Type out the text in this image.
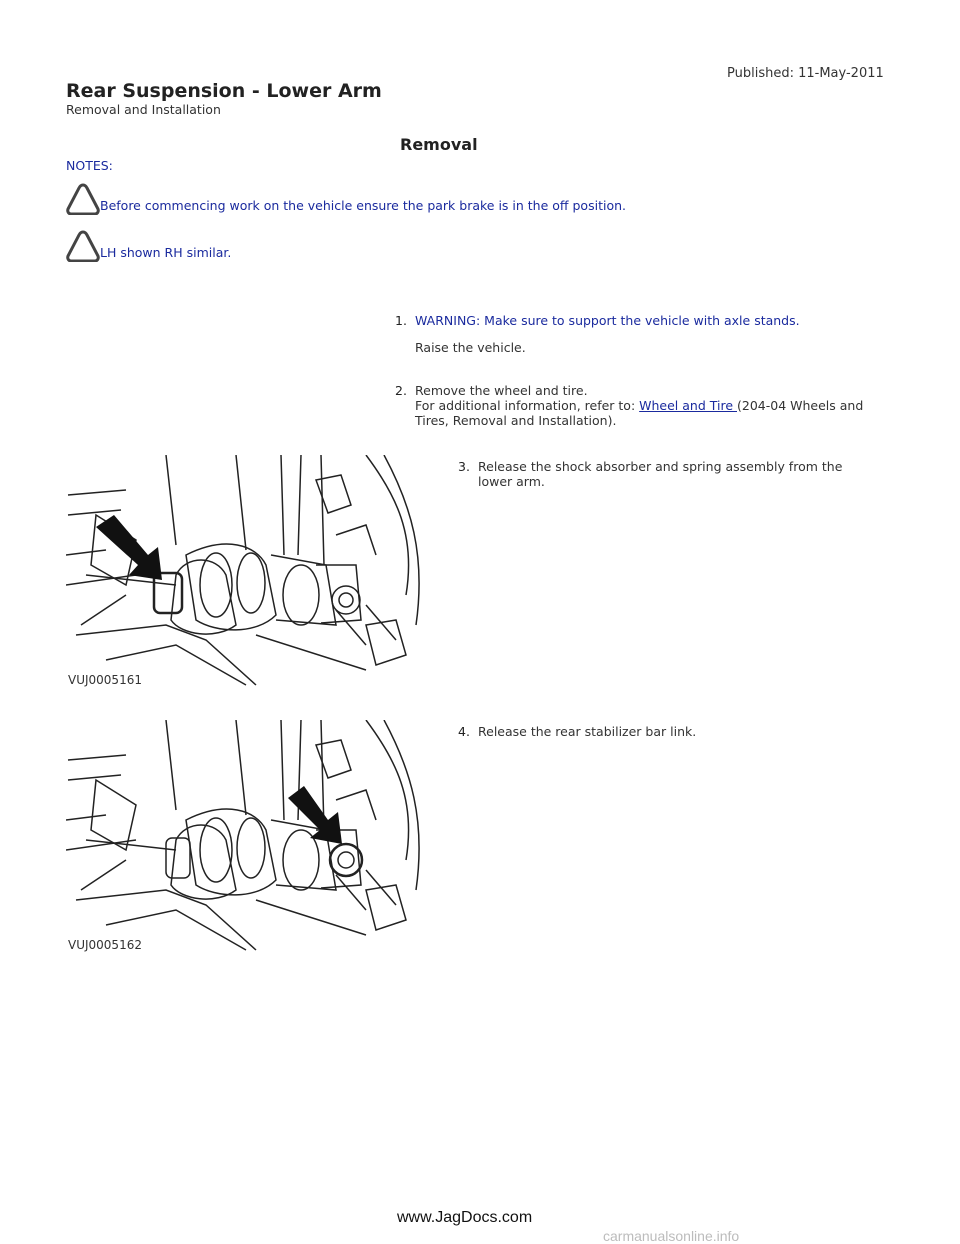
Published: 11-May-2011
Rear Suspension - Lower Arm
Removal and Installation
Removal
NOTES:
Before commencing work on the vehicle ensure the park brake is in the off position.
LH shown RH similar.
1. WARNING: Make sure to support the vehicle with axle stands.
Raise the vehicle.
2. Remove the wheel and tire.
For additional information, refer to: Wheel and Tire (204-04 Wheels and
Tires, Removal and Installation).
VUJ0005161
3. Release the shock absorber and spring assembly from the
lower arm.
VUJ0005162
4. Release the rear stabilizer bar link.
www.JagDocs.com
carmanualsonline.info
